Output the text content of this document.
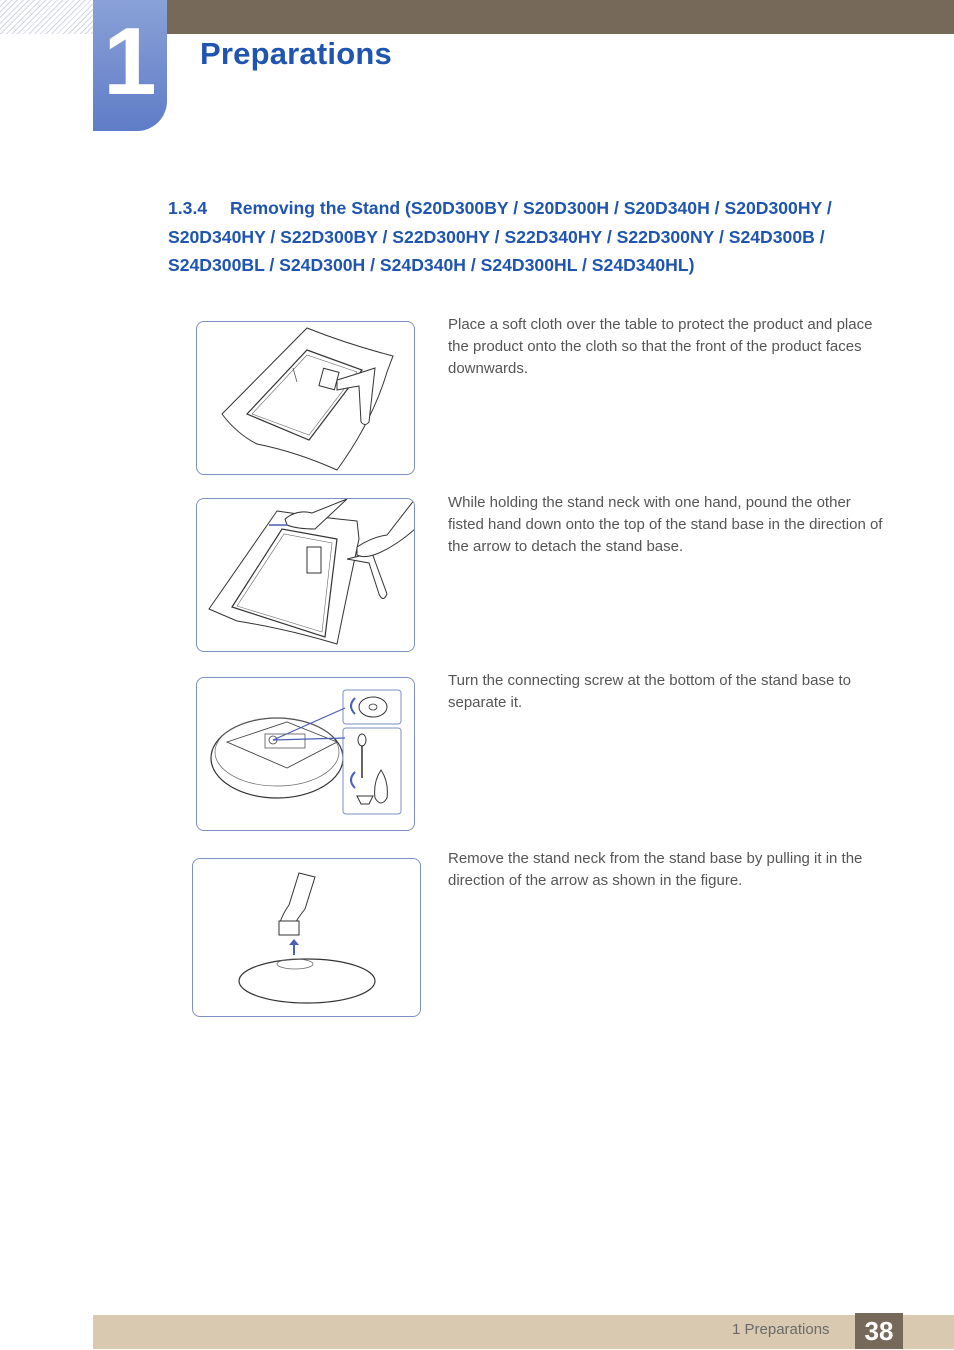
1 Preparations
1.3.4 Removing the Stand (S20D300BY / S20D300H / S20D340H / S20D300HY / S20D340HY / S22D300BY / S22D300HY / S22D340HY / S22D300NY / S24D300B / S24D300BL / S24D300H / S24D340H / S24D300HL / S24D340HL)
Place a soft cloth over the table to protect the product and place the product onto the cloth so that the front of the product faces downwards.
While holding the stand neck with one hand, pound the other fisted hand down onto the top of the stand base in the direction of the arrow to detach the stand base.
Turn the connecting screw at the bottom of the stand base to separate it.
Remove the stand neck from the stand base by pulling it in the direction of the arrow as shown in the figure.
1 Preparations 38
